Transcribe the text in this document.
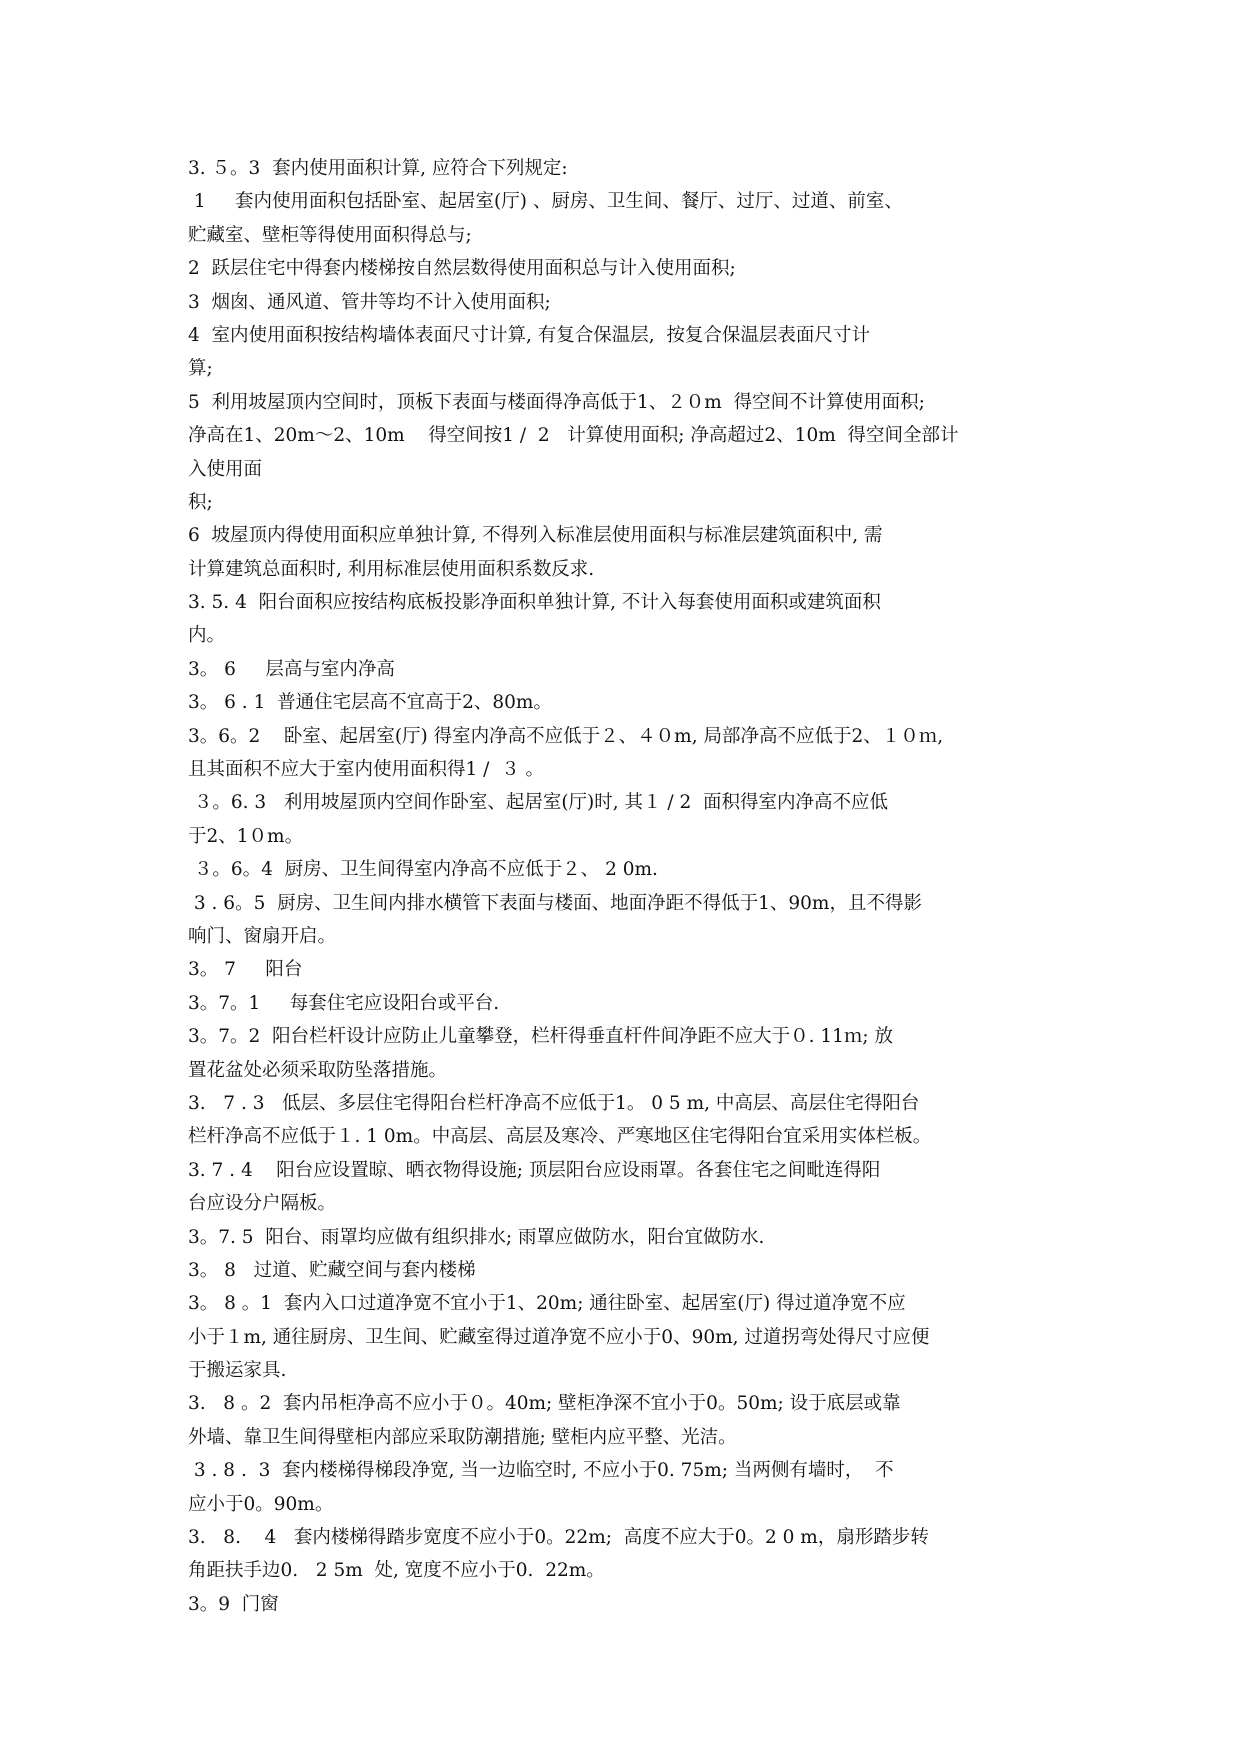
3. ５。3  套内使用面积计算, 应符合下列规定:
1     套内使用面积包括卧室、起居室(厅) 、厨房、卫生间、餐厅、过厅、过道、前室、
贮藏室、壁柜等得使用面积得总与;
2  跃层住宅中得套内楼梯按自然层数得使用面积总与计入使用面积;
3  烟囱、通风道、管井等均不计入使用面积;
4  室内使用面积按结构墙体表面尺寸计算, 有复合保温层,  按复合保温层表面尺寸计
算;
5  利用坡屋顶内空间时，顶板下表面与楼面得净高低于1、２０m  得空间不计算使用面积;
净高在1、20m～2、10m    得空间按1 /  2   计算使用面积; 净高超过2、10m  得空间全部计
入使用面
积;
6  坡屋顶内得使用面积应单独计算, 不得列入标准层使用面积与标准层建筑面积中, 需
计算建筑总面积时, 利用标准层使用面积系数反求.
3. 5. 4  阳台面积应按结构底板投影净面积单独计算, 不计入每套使用面积或建筑面积
内。
3。 6     层高与室内净高
3。 6 . 1  普通住宅层高不宜高于2、80m。
3。6。2    卧室、起居室(厅) 得室内净高不应低于２、４０m, 局部净高不应低于2、１０ｍ,
且其面积不应大于室内使用面积得1 /  ３ 。
３。6. 3   利用坡屋顶内空间作卧室、起居室(厅)时, 其１ / 2  面积得室内净高不应低
于2、1０m。
３。6。4  厨房、卫生间得室内净高不应低于２、 2 0m.
3 . 6。5  厨房、卫生间内排水横管下表面与楼面、地面净距不得低于1、90m，且不得影
响门、窗扇开启。
3。 7     阳台
3。7。1     每套住宅应设阳台或平台.
3。7。2  阳台栏杆设计应防止儿童攀登，栏杆得垂直杆件间净距不应大于０. 11ｍ; 放
置花盆处必须采取防坠落措施。
3.   7 . 3   低层、多层住宅得阳台栏杆净高不应低于1。 0 5 m, 中高层、高层住宅得阳台
栏杆净高不应低于１. 1 0m。中高层、高层及寒冷、严寒地区住宅得阳台宜采用实体栏板。
3. 7 . 4    阳台应设置晾、晒衣物得设施; 顶层阳台应设雨罩。各套住宅之间毗连得阳
台应设分户隔板。
3。7. 5  阳台、雨罩均应做有组织排水; 雨罩应做防水，阳台宜做防水.
3。 8   过道、贮藏空间与套内楼梯
3。 8 。1  套内入口过道净宽不宜小于1、20m; 通往卧室、起居室(厅) 得过道净宽不应
小于１m, 通往厨房、卫生间、贮藏室得过道净宽不应小于0、90m, 过道拐弯处得尺寸应便
于搬运家具.
3.   8 。2  套内吊柜净高不应小于０。40m; 壁柜净深不宜小于0。50m; 设于底层或靠
外墙、靠卫生间得壁柜内部应采取防潮措施; 壁柜内应平整、光洁。
3 . 8 .  3  套内楼梯得梯段净宽, 当一边临空时, 不应小于0. 75m; 当两侧有墙时，  不
应小于0。90m。
3.   8.    4   套内楼梯得踏步宽度不应小于0。22m;  高度不应大于0。2 0 m，扇形踏步转
角距扶手边0.   2 5m  处, 宽度不应小于0.  22m。
3。9  门窗
